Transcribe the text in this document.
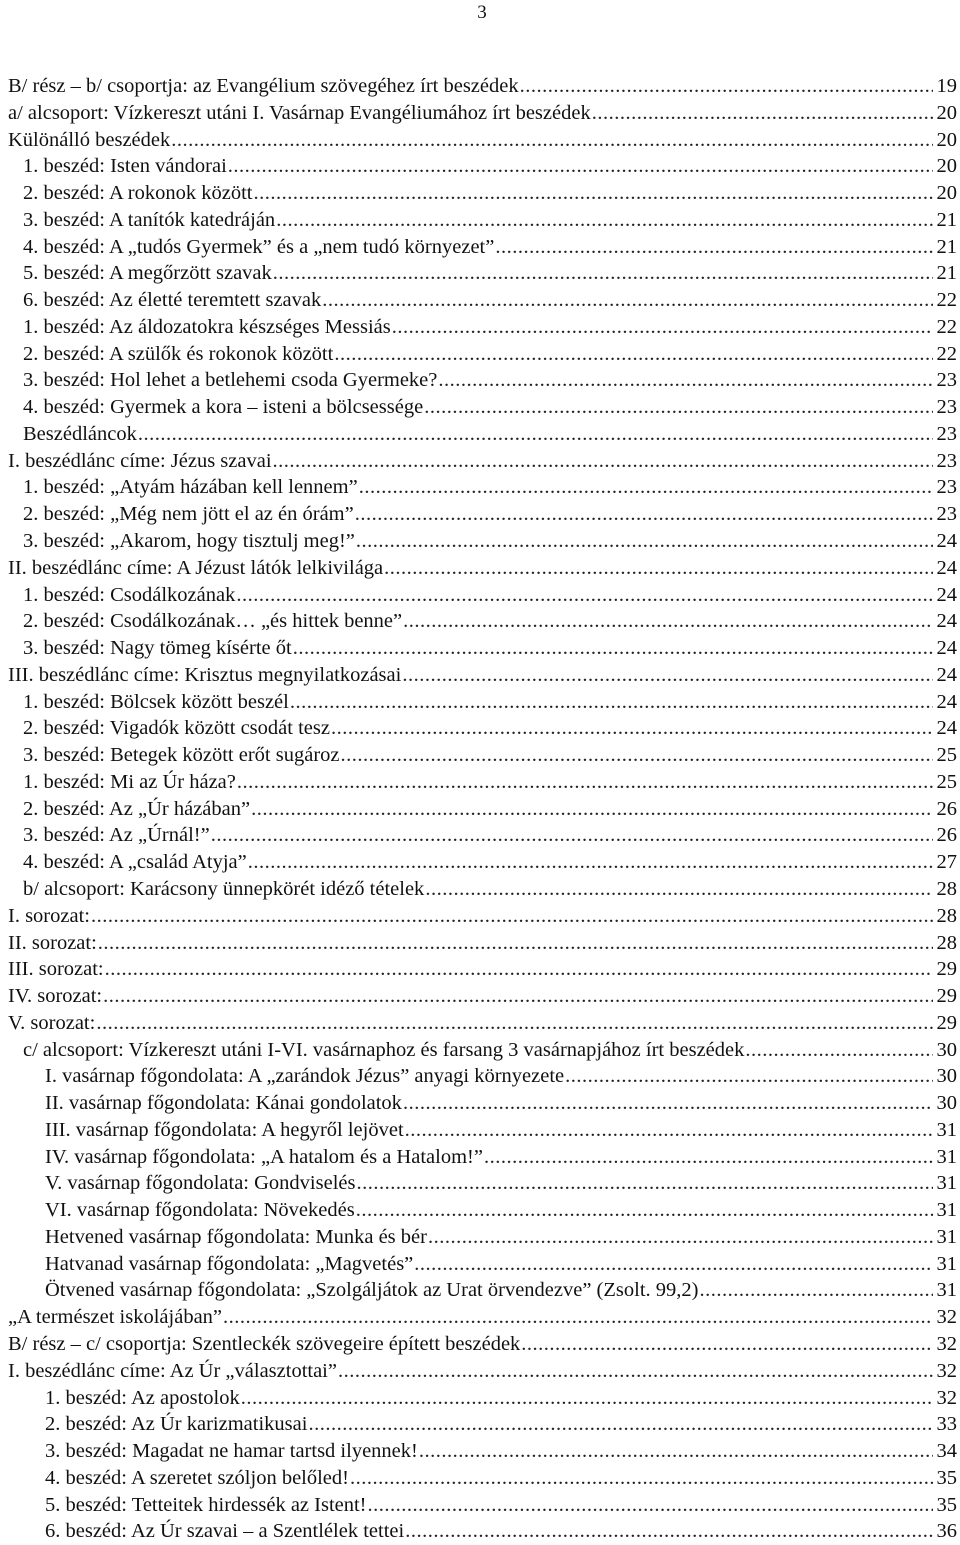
3
B/ rész – b/ csoportja: az Evangélium szövegéhez írt beszédek .....	19
a/ alcsoport: Vízkereszt utáni I. Vasárnap Evangéliumához írt beszédek .....	20
Különálló beszédek .....	20
1. beszéd: Isten vándorai .....	20
2. beszéd: A rokonok között .....	20
3. beszéd: A tanítók katedráján .....	21
4. beszéd: A „tudós Gyermek” és a „nem tudó környezet” .....	21
5. beszéd: A megőrzött szavak .....	21
6. beszéd: Az életté teremtett szavak .....	22
1. beszéd: Az áldozatokra készséges Messiás .....	22
2. beszéd: A szülők és rokonok között .....	22
3. beszéd: Hol lehet a betlehemi csoda Gyermeke? .....	23
4. beszéd: Gyermek a kora – isteni a bölcsessége .....	23
Beszédláncok .....	23
I. beszédlánc címe: Jézus szavai .....	23
1. beszéd: „Atyám házában kell lennem” .....	23
2. beszéd: „Még nem jött el az én órám” .....	23
3. beszéd: „Akarom, hogy tisztulj meg!” .....	24
II. beszédlánc címe: A Jézust látók lelkivilága .....	24
1. beszéd: Csodálkozának .....	24
2. beszéd: Csodálkozának… „és hittek benne” .....	24
3. beszéd: Nagy tömeg kísérte őt .....	24
III. beszédlánc címe: Krisztus megnyilatkozásai .....	24
1. beszéd: Bölcsek között beszél .....	24
2. beszéd: Vigadók között csodát tesz .....	24
3. beszéd: Betegek között erőt sugároz .....	25
1. beszéd: Mi az Úr háza? .....	25
2. beszéd: Az „Úr házában” .....	26
3. beszéd: Az „Úrnál!” .....	26
4. beszéd: A „család Atyja” .....	27
b/ alcsoport: Karácsony ünnepkörét idéző tételek .....	28
I. sorozat: .....	28
II. sorozat: .....	28
III. sorozat: .....	29
IV. sorozat: .....	29
V. sorozat: .....	29
c/ alcsoport: Vízkereszt utáni I-VI. vasárnaphoz és farsang 3 vasárnapjához írt beszédek .....	30
I. vasárnap főgondolata: A „zarándok Jézus” anyagi környezete .....	30
II. vasárnap főgondolata: Kánai gondolatok .....	30
III. vasárnap főgondolata: A hegyről lejövet .....	31
IV. vasárnap főgondolata: „A hatalom és a Hatalom!” .....	31
V. vasárnap főgondolata: Gondviselés .....	31
VI. vasárnap főgondolata: Növekedés .....	31
Hetvened vasárnap főgondolata: Munka és bér .....	31
Hatvanad vasárnap főgondolata: „Magvetés” .....	31
Ötvened vasárnap főgondolata: „Szolgáljátok az Urat örvendezve” (Zsolt. 99,2) .....	31
„A természet iskolájában” .....	32
B/ rész – c/ csoportja: Szentleckék szövegeire épített beszédek .....	32
I. beszédlánc címe: Az Úr „választottai” .....	32
1. beszéd: Az apostolok .....	32
2. beszéd: Az Úr karizmatikusai .....	33
3. beszéd: Magadat ne hamar tartsd ilyennek! .....	34
4. beszéd: A szeretet szóljon belőled! .....	35
5. beszéd: Tetteitek hirdessék az Istent! .....	35
6. beszéd: Az Úr szavai – a Szentlélek tettei .....	36
